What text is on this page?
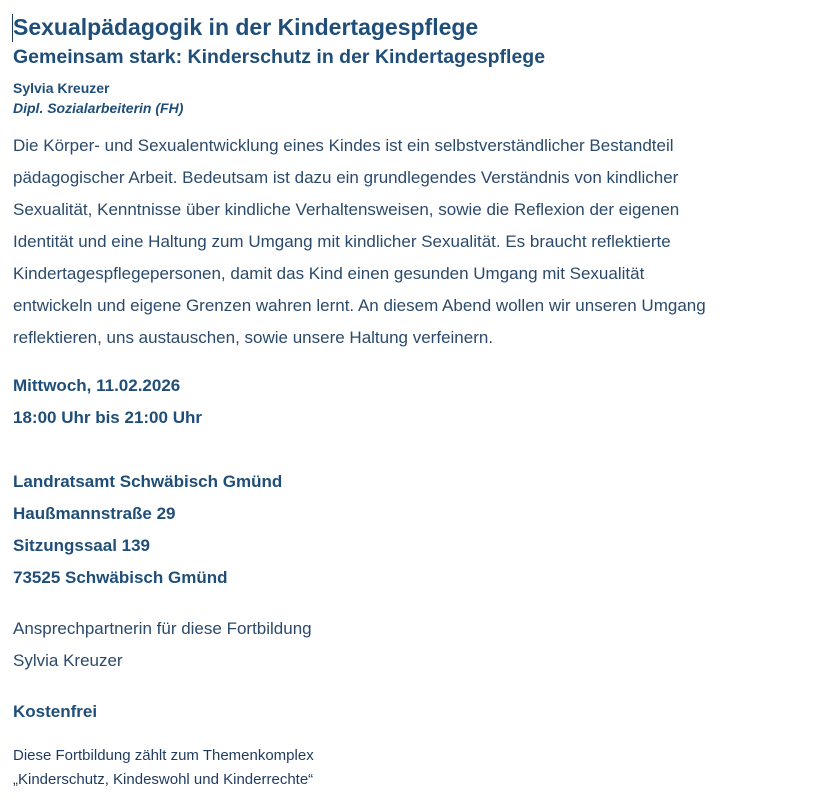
Sexualpädagogik in der Kindertagespflege
Gemeinsam stark: Kinderschutz in der Kindertagespflege

Sylvia Kreuzer

Dipl. Sozialarbeiterin (FH)

Die Körper- und Sexualentwicklung eines Kindes ist ein selbstverständlicher Bestandteil
pädagogischer Arbeit. Bedeutsam ist dazu ein grundlegendes Verständnis von kindlicher
Sexualität, Kenntnisse über kindliche Verhaltensweisen, sowie die Reflexion der eigenen
Identität und eine Haltung zum Umgang mit kindlicher Sexualität. Es braucht reflektierte
Kindertagespflegepersonen, damit das Kind einen gesunden Umgang mit Sexualität
entwickeln und eigene Grenzen wahren lernt. An diesem Abend wollen wir unseren Umgang
reflektieren, uns austauschen, sowie unsere Haltung verfeinern.

Mittwoch, 11.02.2026

18:00 Uhr bis 21:00 Uhr

Landratsamt Schwäbisch Gmünd

Haußmannstraße 29

Sitzungssaal 139

73525 Schwäbisch Gmünd

Ansprechpartnerin für diese Fortbildung

Sylvia Kreuzer

Kostenfrei

Diese Fortbildung zählt zum Themenkomplex

„Kinderschutz, Kindeswohl und Kinderrechte“
